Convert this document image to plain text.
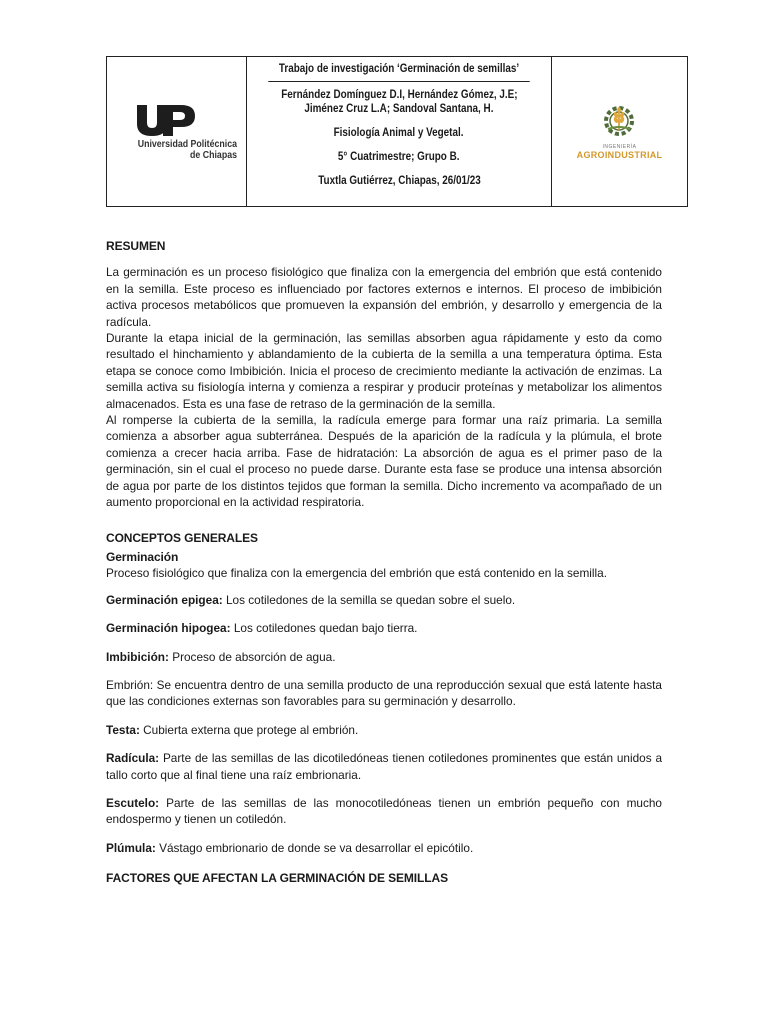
Universidad Politécnica
de Chiapas
Trabajo de investigación ‘Germinación de semillas’
Fernández Domínguez D.I, Hernández Gómez, J.E;
Jiménez Cruz L.A; Sandoval Santana, H.
Fisiología Animal y Vegetal.
5° Cuatrimestre; Grupo B.
Tuxtla Gutiérrez, Chiapas, 26/01/23
INGENIERÍA
AGROINDUSTRIAL
RESUMEN

La germinación es un proceso fisiológico que finaliza con la emergencia del embrión que está contenido en la semilla. Este proceso es influenciado por factores externos e internos. El proceso de imbibición activa procesos metabólicos que promueven la expansión del embrión, y desarrollo y emergencia de la radícula.

Durante la etapa inicial de la germinación, las semillas absorben agua rápidamente y esto da como resultado el hinchamiento y ablandamiento de la cubierta de la semilla a una temperatura óptima. Esta etapa se conoce como Imbibición. Inicia el proceso de crecimiento mediante la activación de enzimas. La semilla activa su fisiología interna y comienza a respirar y producir proteínas y metabolizar los alimentos almacenados. Esta es una fase de retraso de la germinación de la semilla.

Al romperse la cubierta de la semilla, la radícula emerge para formar una raíz primaria. La semilla comienza a absorber agua subterránea. Después de la aparición de la radícula y la plúmula, el brote comienza a crecer hacia arriba. Fase de hidratación: La absorción de agua es el primer paso de la germinación, sin el cual el proceso no puede darse. Durante esta fase se produce una intensa absorción de agua por parte de los distintos tejidos que forman la semilla. Dicho incremento va acompañado de un aumento proporcional en la actividad respiratoria.

CONCEPTOS GENERALES
Germinación

Proceso fisiológico que finaliza con la emergencia del embrión que está contenido en la semilla.

Germinación epigea: Los cotiledones de la semilla se quedan sobre el suelo.

Germinación hipogea: Los cotiledones quedan bajo tierra.

Imbibición: Proceso de absorción de agua.

Embrión: Se encuentra dentro de una semilla producto de una reproducción sexual que está latente hasta que las condiciones externas son favorables para su germinación y desarrollo.

Testa: Cubierta externa que protege al embrión.

Radícula: Parte de las semillas de las dicotiledóneas tienen cotiledones prominentes que están unidos a tallo corto que al final tiene una raíz embrionaria.

Escutelo: Parte de las semillas de las monocotiledóneas tienen un embrión pequeño con mucho endospermo y tienen un cotiledón.

Plúmula: Vástago embrionario de donde se va desarrollar el epicótilo.

FACTORES QUE AFECTAN LA GERMINACIÓN DE SEMILLAS
